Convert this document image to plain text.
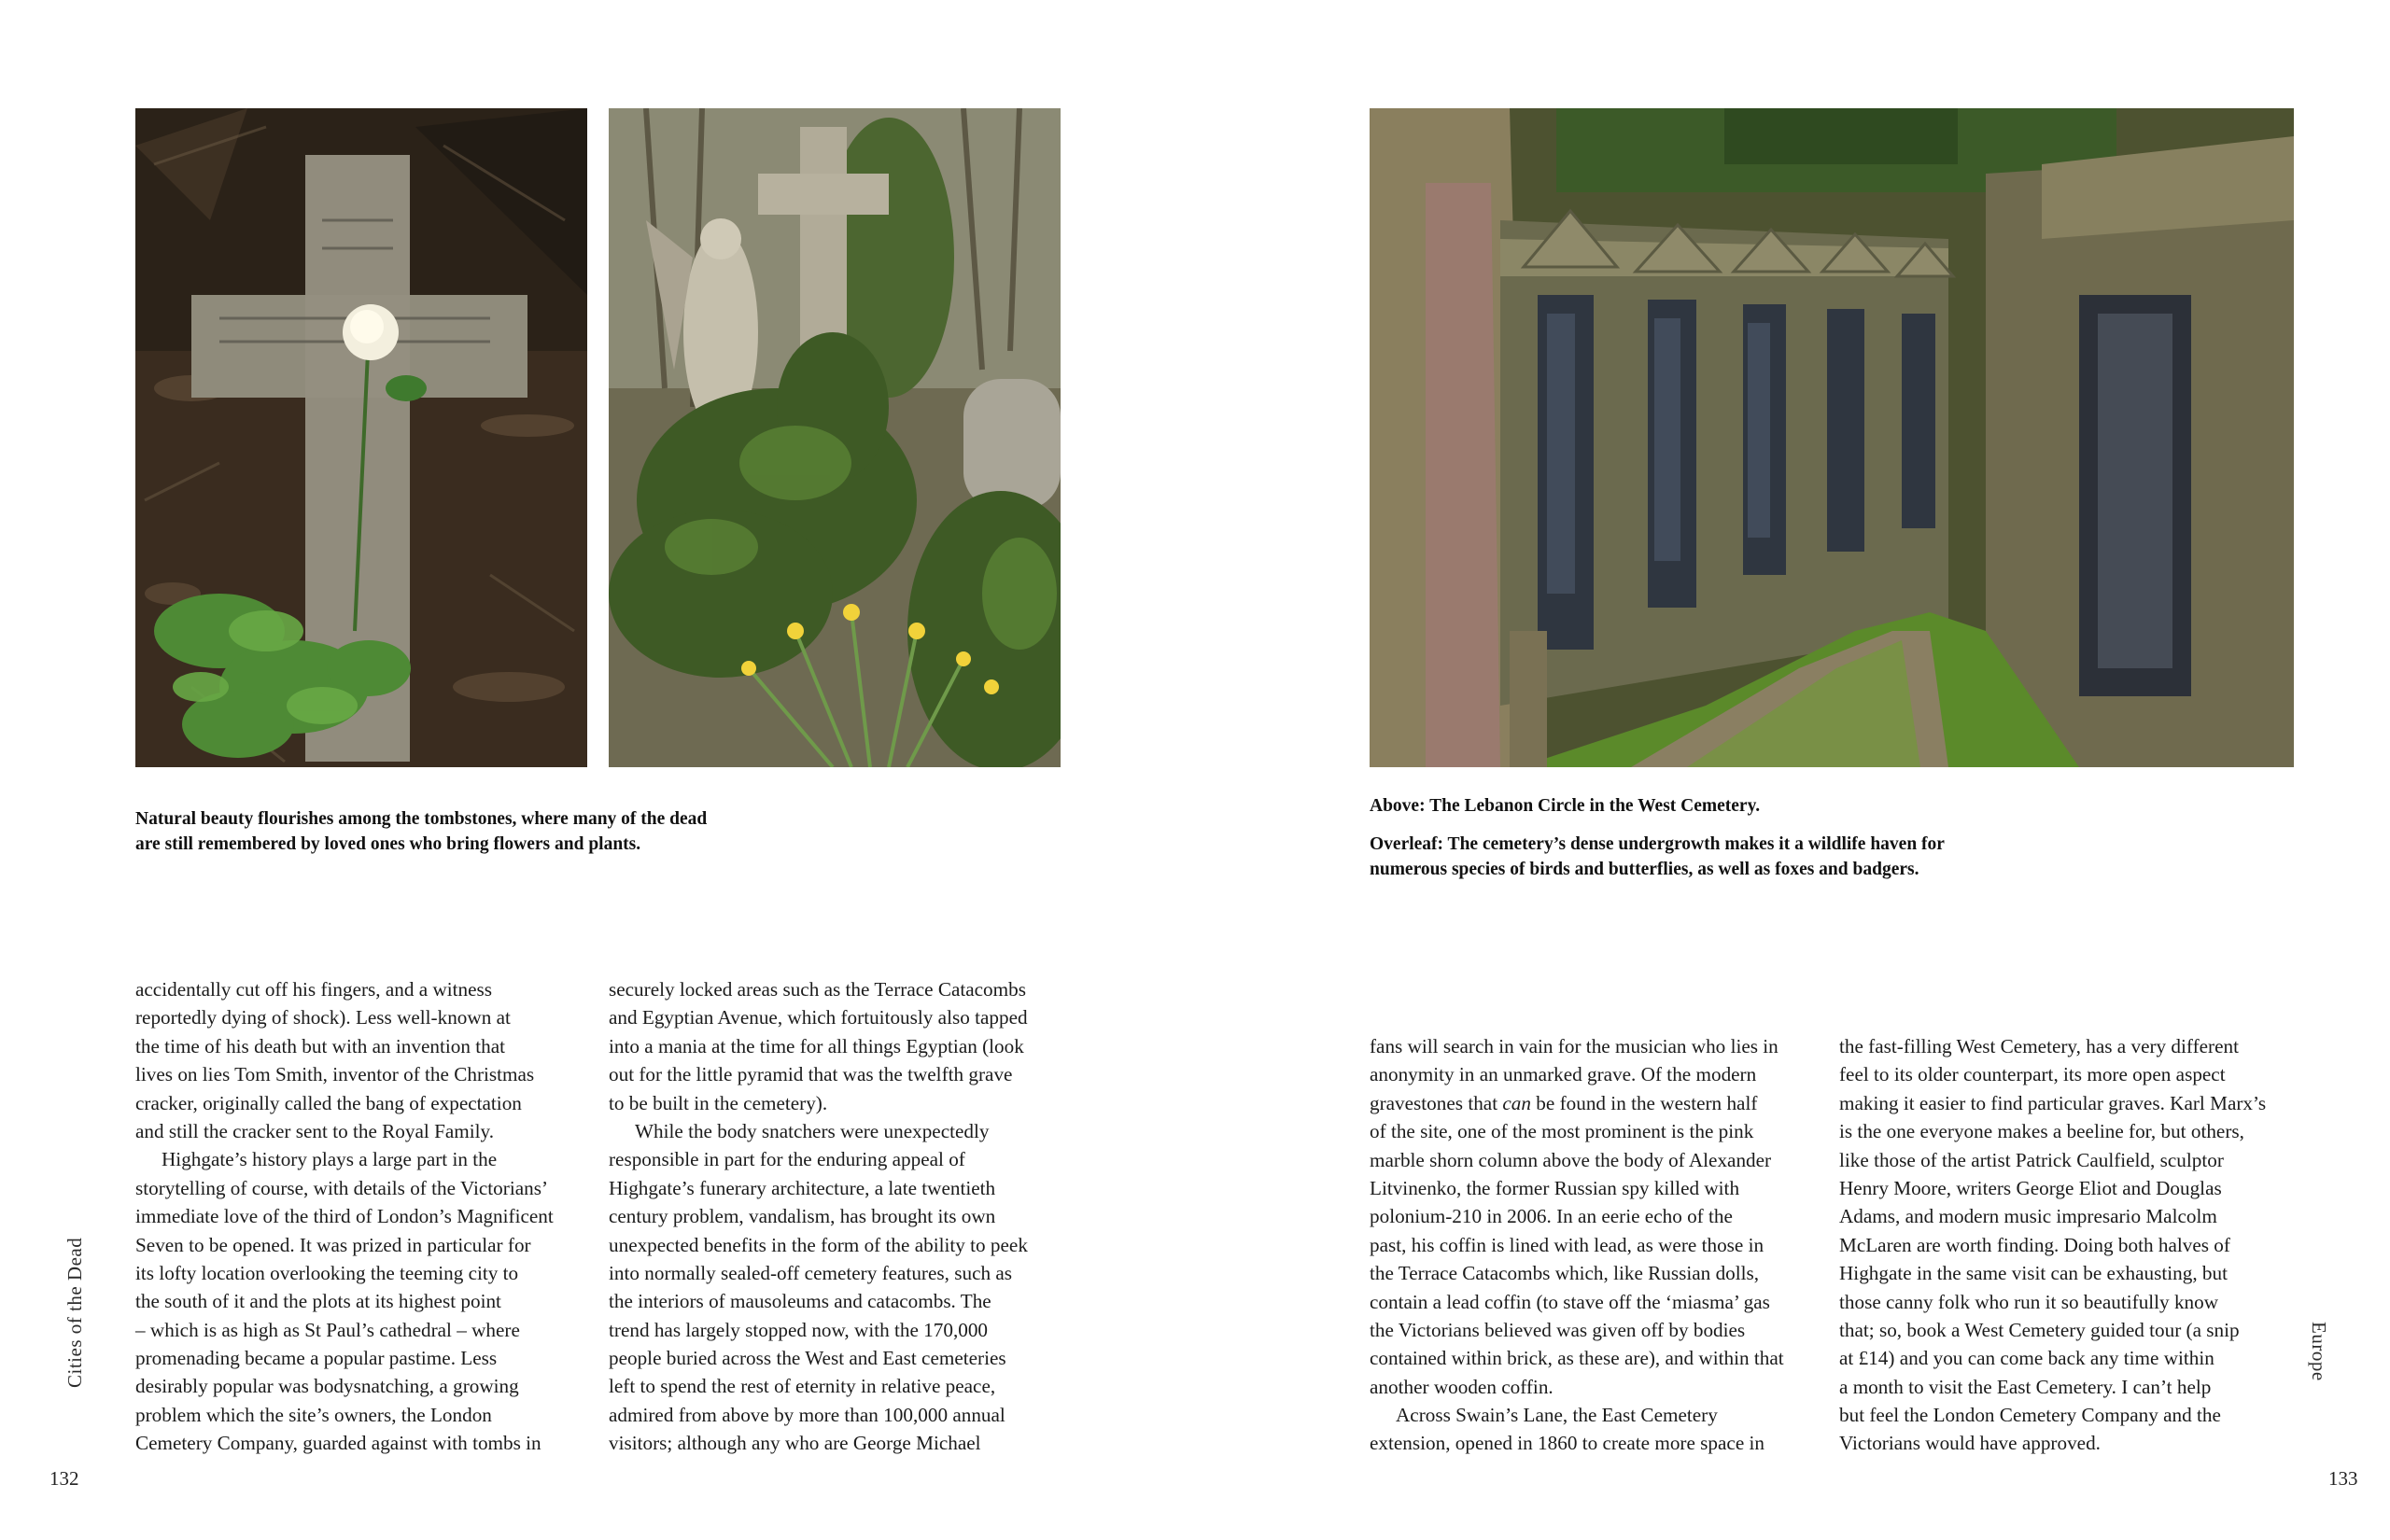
Natural beauty flourishes among the tombstones, where many of the dead

are still remembered by loved ones who bring flowers and plants.

accidentally cut off his fingers, and a witness
reportedly dying of shock). Less well-known at
the time of his death but with an invention that
lives on lies Tom Smith, inventor of the Christmas
cracker, originally called the bang of expectation
and still the cracker sent to the Royal Family.
Highgate’s history plays a large part in the
storytelling of course, with details of the Victorians’
immediate love of the third of London’s Magnificent
Seven to be opened. It was prized in particular for
its lofty location overlooking the teeming city to
the south of it and the plots at its highest point
– which is as high as St Paul’s cathedral – where
promenading became a popular pastime. Less
desirably popular was bodysnatching, a growing
problem which the site’s owners, the London
Cemetery Company, guarded against with tombs in
securely locked areas such as the Terrace Catacombs
and Egyptian Avenue, which fortuitously also tapped
into a mania at the time for all things Egyptian (look
out for the little pyramid that was the twelfth grave
to be built in the cemetery).
While the body snatchers were unexpectedly
responsible in part for the enduring appeal of
Highgate’s funerary architecture, a late twentieth
century problem, vandalism, has brought its own
unexpected benefits in the form of the ability to peek
into normally sealed-off cemetery features, such as
the interiors of mausoleums and catacombs. The
trend has largely stopped now, with the 170,000
people buried across the West and East cemeteries
left to spend the rest of eternity in relative peace,
admired from above by more than 100,000 annual
visitors; although any who are George Michael
Cities of the Dead
132

Above: The Lebanon Circle in the West Cemetery.

Overleaf: The cemetery’s dense undergrowth makes it a wildlife haven for

numerous species of birds and butterflies, as well as foxes and badgers.

fans will search in vain for the musician who lies in
anonymity in an unmarked grave. Of the modern
gravestones that can be found in the western half
of the site, one of the most prominent is the pink
marble shorn column above the body of Alexander
Litvinenko, the former Russian spy killed with
polonium-210 in 2006. In an eerie echo of the
past, his coffin is lined with lead, as were those in
the Terrace Catacombs which, like Russian dolls,
contain a lead coffin (to stave off the ‘miasma’ gas
the Victorians believed was given off by bodies
contained within brick, as these are), and within that
another wooden coffin.
Across Swain’s Lane, the East Cemetery
extension, opened in 1860 to create more space in
the fast-filling West Cemetery, has a very different
feel to its older counterpart, its more open aspect
making it easier to find particular graves. Karl Marx’s
is the one everyone makes a beeline for, but others,
like those of the artist Patrick Caulfield, sculptor
Henry Moore, writers George Eliot and Douglas
Adams, and modern music impresario Malcolm
McLaren are worth finding. Doing both halves of
Highgate in the same visit can be exhausting, but
those canny folk who run it so beautifully know
that; so, book a West Cemetery guided tour (a snip
at £14) and you can come back any time within
a month to visit the East Cemetery. I can’t help
but feel the London Cemetery Company and the
Victorians would have approved.
Europe
133
